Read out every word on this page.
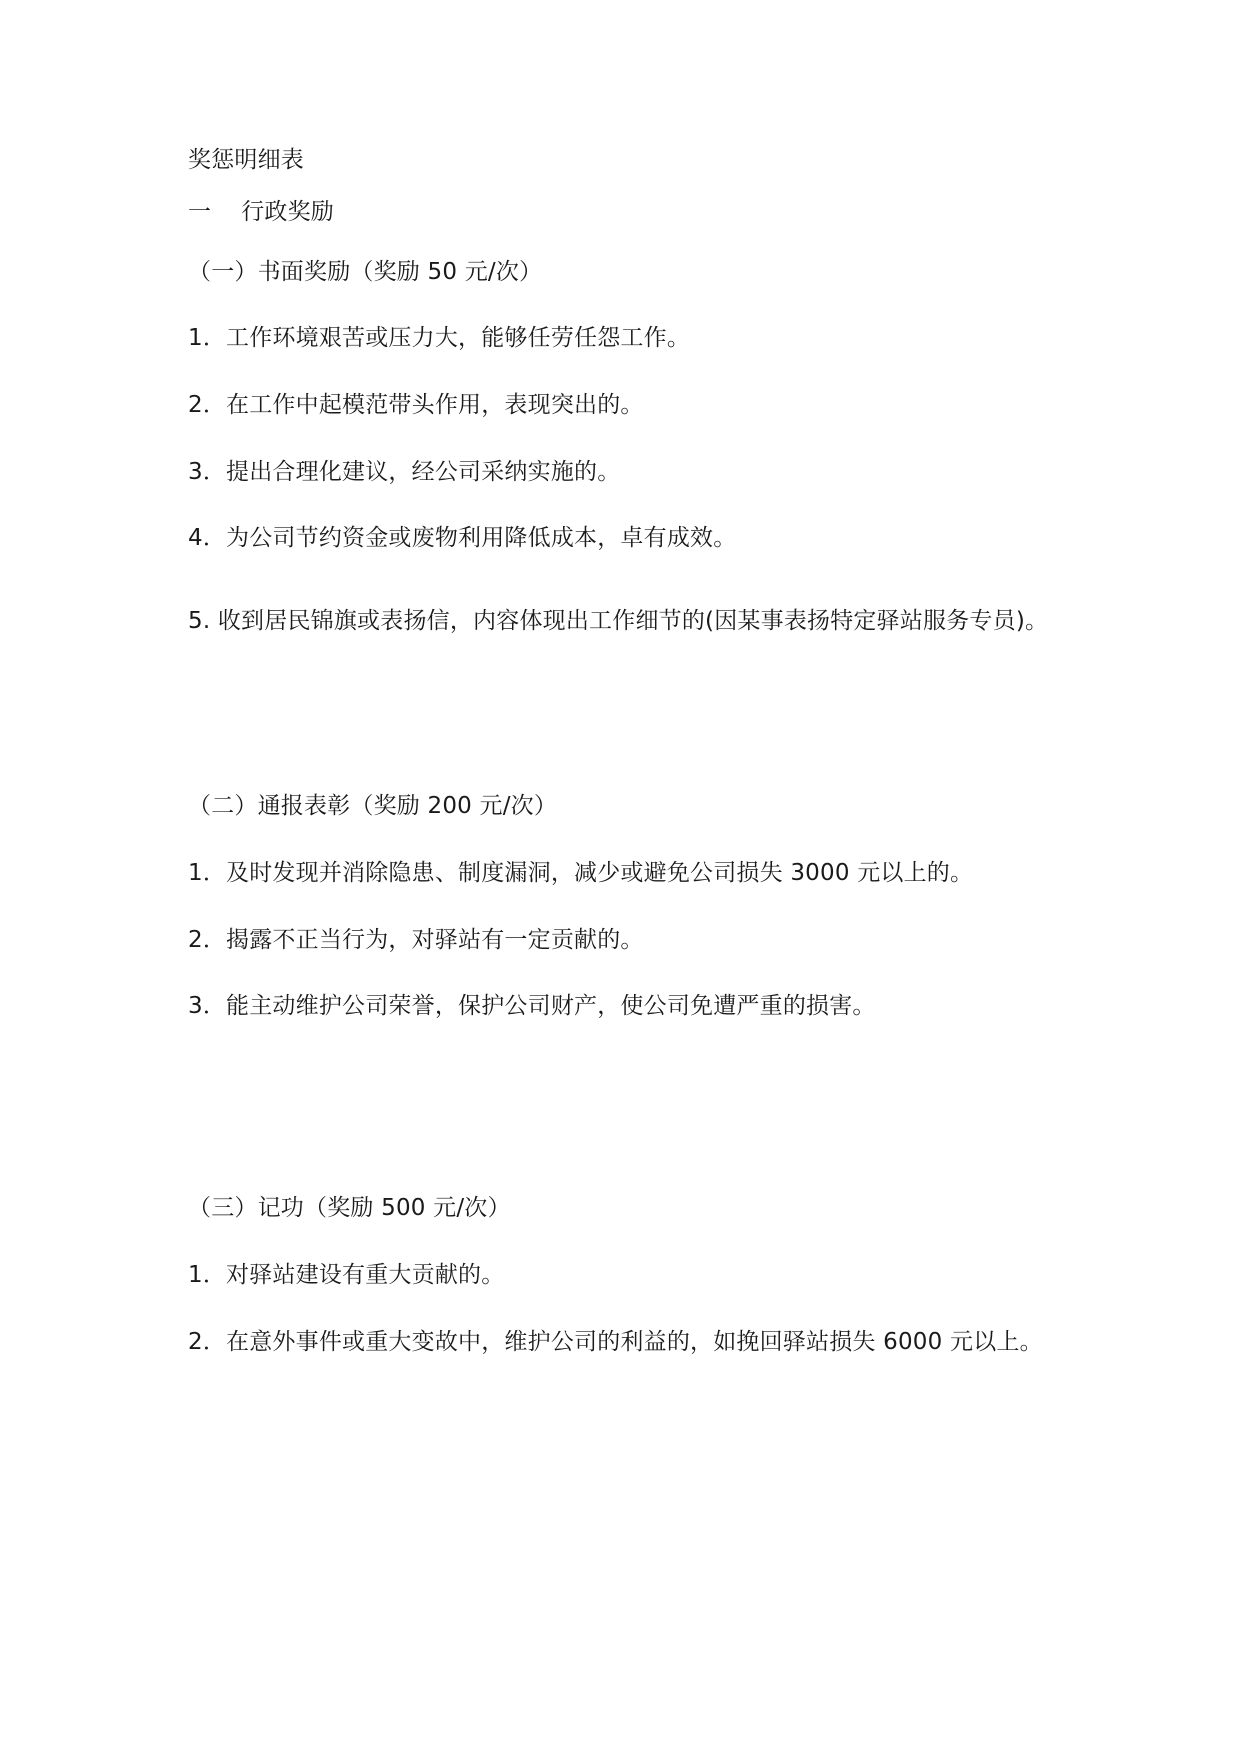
奖惩明细表
一 行政奖励
（一）书面奖励（奖励 50 元/次）
1．工作环境艰苦或压力大，能够任劳任怨工作。
2．在工作中起模范带头作用，表现突出的。
3．提出合理化建议，经公司采纳实施的。
4．为公司节约资金或废物利用降低成本，卓有成效。
5. 收到居民锦旗或表扬信，内容体现出工作细节的(因某事表扬特定驿站服务专员)。
（二）通报表彰（奖励 200 元/次）
1．及时发现并消除隐患、制度漏洞，减少或避免公司损失 3000 元以上的。
2．揭露不正当行为，对驿站有一定贡献的。
3．能主动维护公司荣誉，保护公司财产，使公司免遭严重的损害。
（三）记功（奖励 500 元/次）
1．对驿站建设有重大贡献的。
2．在意外事件或重大变故中，维护公司的利益的，如挽回驿站损失 6000 元以上。
